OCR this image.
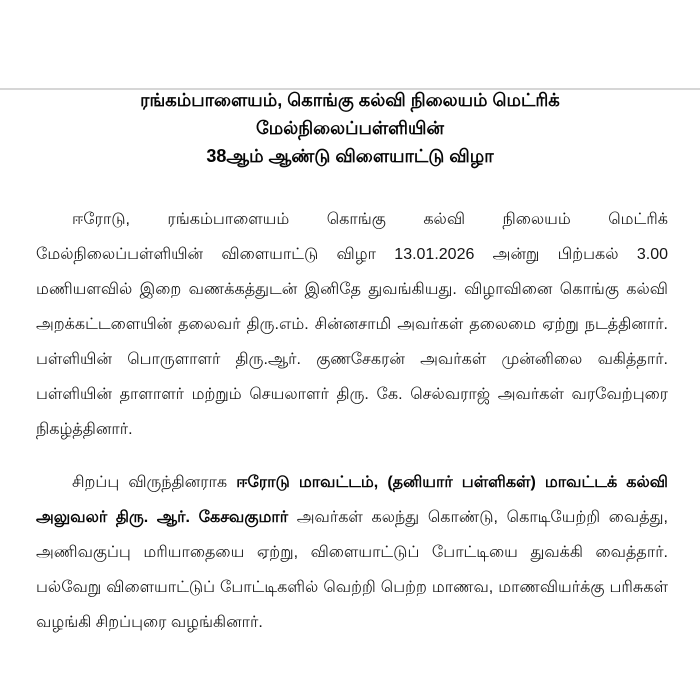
ரங்கம்பாளையம், கொங்கு கல்வி நிலையம் மெட்ரிக்
மேல்நிலைப்பள்ளியின்
38ஆம் ஆண்டு விளையாட்டு விழா

ஈரோடு, ரங்கம்பாளையம் கொங்கு கல்வி நிலையம் மெட்ரிக் மேல்நிலைப்பள்ளியின் விளையாட்டு விழா 13.01.2026 அன்று பிற்பகல் 3.00 மணியளவில் இறை வணக்கத்துடன் இனிதே துவங்கியது. விழாவினை கொங்கு கல்வி அறக்கட்டளையின் தலைவர் திரு.எம். சின்னசாமி அவர்கள் தலைமை ஏற்று நடத்தினார். பள்ளியின் பொருளாளர் திரு.ஆர். குணசேகரன் அவர்கள் முன்னிலை வகித்தார். பள்ளியின் தாளாளர் மற்றும் செயலாளர் திரு. கே. செல்வராஜ் அவர்கள் வரவேற்புரை நிகழ்த்தினார்.

சிறப்பு விருந்தினராக ஈரோடு மாவட்டம், (தனியார் பள்ளிகள்) மாவட்டக் கல்வி அலுவலர் திரு. ஆர். கேசவகுமார் அவர்கள் கலந்து கொண்டு, கொடியேற்றி வைத்து, அணிவகுப்பு மரியாதையை ஏற்று, விளையாட்டுப் போட்டியை துவக்கி வைத்தார். பல்வேறு விளையாட்டுப் போட்டிகளில் வெற்றி பெற்ற மாணவ, மாணவியர்க்கு பரிசுகள் வழங்கி சிறப்புரை வழங்கினார்.
